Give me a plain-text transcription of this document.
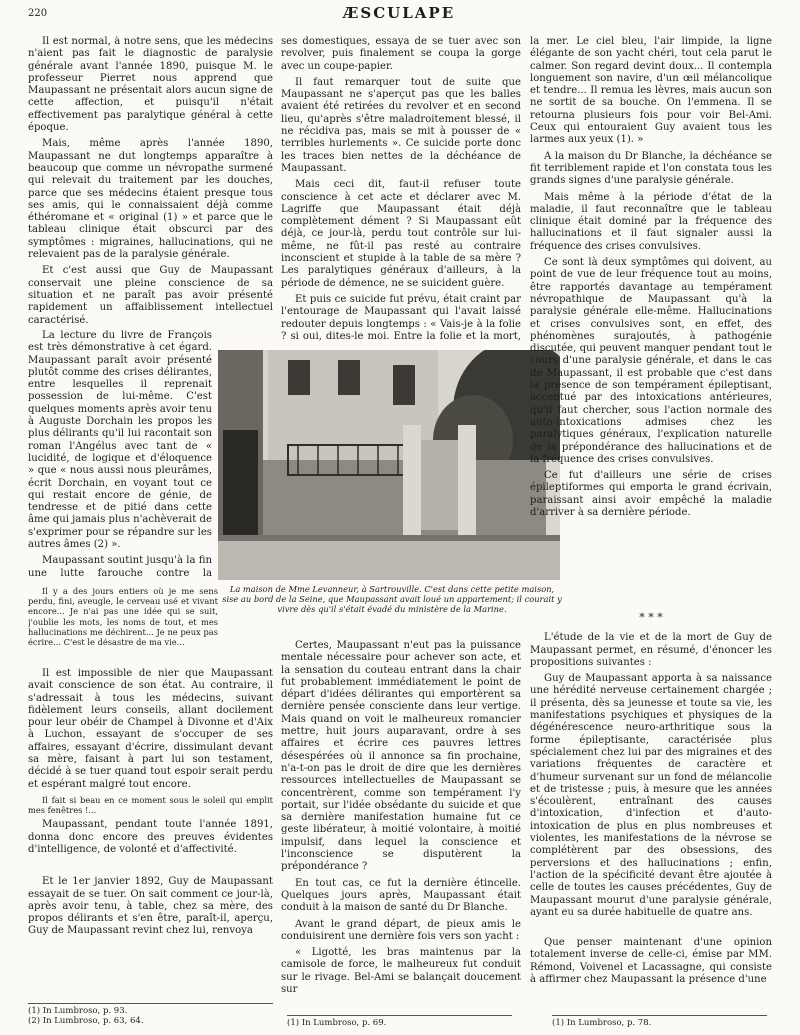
220	ÆSCULAPE

Il est normal, à notre sens, que les médecins n'aient pas fait le diagnostic de paralysie générale avant l'année 1890, puisque M. le professeur Pierret nous apprend que Maupassant ne présentait alors aucun signe de cette affection, et puisqu'il n'était effectivement pas paralytique général à cette époque.

Mais, même après l'année 1890, Maupassant ne dut longtemps apparaître à beaucoup que comme un névropathe surmené qui relevait du traitement par les douches, parce que ses médecins étaient presque tous ses amis, qui le connaissaient déjà comme éthéromane et « original (1) » et parce que le tableau clinique était obscurci par des symptômes : migraines, hallucinations, qui ne relevaient pas de la paralysie générale.

Et c'est aussi que Guy de Maupassant conservait une pleine conscience de sa situation et ne paraît pas avoir présenté rapidement un affaiblissement intellectuel caractérisé.

La lecture du livre de François est très démonstrative à cet égard. Maupassant paraît avoir présenté plutôt comme des crises délirantes, entre lesquelles il reprenait possession de lui-même. C'est quelques moments après avoir tenu à Auguste Dorchain les propos les plus délirants qu'il lui racontait son roman l'Angélus avec tant de « lucidité, de logique et d'éloquence » que « nous aussi nous pleurâmes, écrit Dorchain, en voyant tout ce qui restait encore de génie, de tendresse et de pitié dans cette âme qui jamais plus n'achèverait de s'exprimer pour se répandre sur les autres âmes (2) ».

Maupassant soutint jusqu'à la fin une lutte farouche contre la

Il y a des jours entiers où je me sens perdu, fini, aveugle, le cerveau usé et vivant encore... Je n'ai pas une idée qui se suit, j'oublie les mots, les noms de tout, et mes hallucinations me déchirent... Je ne peux pas écrire... C'est le désastre de ma vie...

Il est impossible de nier que Maupassant avait conscience de son état. Au contraire, il s'adressait à tous les médecins, suivant fidèlement leurs conseils, allant docilement pour leur obéir de Champel à Divonne et d'Aix à Luchon, essayant de s'occuper de ses affaires, essayant d'écrire, dissimulant devant sa mère, faisant à part lui son testament, décidé à se tuer quand tout espoir serait perdu et espérant malgré tout encore.

Il fait si beau en ce moment sous le soleil qui emplit mes fenêtres !...

Maupassant, pendant toute l'année 1891, donna donc encore des preuves évidentes d'intelligence, de volonté et d'affectivité.

Et le 1er janvier 1892, Guy de Maupassant essayait de se tuer. On sait comment ce jour-là, après avoir tenu, à table, chez sa mère, des propos délirants et s'en être, paraît-il, aperçu, Guy de Maupassant revint chez lui, renvoya

(1) In Lumbroso, p. 93.
(2) In Lumbroso, p. 63, 64.

ses domestiques, essaya de se tuer avec son revolver, puis finalement se coupa la gorge avec un coupe-papier.

Il faut remarquer tout de suite que Maupassant ne s'aperçut pas que les balles avaient été retirées du revolver et en second lieu, qu'après s'être maladroitement blessé, il ne récidiva pas, mais se mit à pousser de « terribles hurlements ». Ce suicide porte donc les traces bien nettes de la déchéance de Maupassant.

Mais ceci dit, faut-il refuser toute conscience à cet acte et déclarer avec M. Lagriffe que Maupassant était déjà complètement dément ? Si Maupassant eût déjà, ce jour-là, perdu tout contrôle sur lui-même, ne fût-il pas resté au contraire inconscient et stupide à la table de sa mère ? Les paralytiques généraux d'ailleurs, à la période de démence, ne se suicident guère.

Et puis ce suicide fut prévu, était craint par l'entourage de Maupassant qui l'avait laissé redouter depuis longtemps : « Vais-je à la folie ? si oui, dites-le moi. Entre la folie et la mort,

Certes, Maupassant n'eut pas la puissance mentale nécessaire pour achever son acte, et la sensation du couteau entrant dans la chair fut probablement immédiatement le point de départ d'idées délirantes qui emportèrent sa dernière pensée consciente dans leur vertige. Mais quand on voit le malheureux romancier mettre, huit jours auparavant, ordre à ses affaires et écrire ces pauvres lettres désespérées où il annonce sa fin prochaine, n'a-t-on pas le droit de dire que les dernières ressources intellectuelles de Maupassant se concentrèrent, comme son tempérament l'y portait, sur l'idée obsédante du suicide et que sa dernière manifestation humaine fut ce geste libérateur, à moitié volontaire, à moitié impulsif, dans lequel la conscience et l'inconscience se disputèrent la prépondérance ?

En tout cas, ce fut la dernière étincelle. Quelques jours après, Maupassant était conduit à la maison de santé du Dr Blanche.

Avant le grand départ, de pieux amis le conduisirent une dernière fois vers son yacht :

« Ligotté, les bras maintenus par la camisole de force, le malheureux fut conduit sur le rivage. Bel-Ami se balançait doucement sur

(1) In Lumbroso, p. 69.
La maison de Mme Levanneur, à Sartrouville. C'est dans cette petite maison, sise au bord de la Seine, que Maupassant avait loué un appartement; il courait y vivre dès qu'il s'était évadé du ministère de la Marine.

la mer. Le ciel bleu, l'air limpide, la ligne élégante de son yacht chéri, tout cela parut le calmer. Son regard devint doux... Il contempla longuement son navire, d'un œil mélancolique et tendre... Il remua les lèvres, mais aucun son ne sortit de sa bouche. On l'emmena. Il se retourna plusieurs fois pour voir Bel-Ami. Ceux qui entouraient Guy avaient tous les larmes aux yeux (1). »

A la maison du Dr Blanche, la déchéance se fit terriblement rapide et l'on constata tous les grands signes d'une paralysie générale.

Mais même à la période d'état de la maladie, il faut reconnaître que le tableau clinique était dominé par la fréquence des hallucinations et il faut signaler aussi la fréquence des crises convulsives.

Ce sont là deux symptômes qui doivent, au point de vue de leur fréquence tout au moins, être rapportés davantage au tempérament névropathique de Maupassant qu'à la paralysie générale elle-même. Hallucinations et crises convulsives sont, en effet, des phénomènes surajoutés, à pathogénie discutée, qui peuvent manquer pendant tout le cours d'une paralysie générale, et dans le cas de Maupassant, il est probable que c'est dans la présence de son tempérament épileptisant, accentué par des intoxications antérieures, qu'il faut chercher, sous l'action normale des auto-intoxications admises chez les paralytiques généraux, l'explication naturelle de la prépondérance des hallucinations et de la fréquence des crises convulsives.

Ce fut d'ailleurs une série de crises épileptiformes qui emporta le grand écrivain, paraissant ainsi avoir empêché la maladie d'arriver à sa dernière période.

* * *

L'étude de la vie et de la mort de Guy de Maupassant permet, en résumé, d'énoncer les propositions suivantes :

Guy de Maupassant apporta à sa naissance une hérédité nerveuse certainement chargée ; il présenta, dès sa jeunesse et toute sa vie, les manifestations psychiques et physiques de la dégénérescence neuro-arthritique sous la forme épileptisante, caractérisée plus spécialement chez lui par des migraines et des variations fréquentes de caractère et d'humeur survenant sur un fond de mélancolie et de tristesse ; puis, à mesure que les années s'écoulèrent, entraînant des causes d'intoxication, d'infection et d'auto-intoxication de plus en plus nombreuses et violentes, les manifestations de la névrose se complétèrent par des obsessions, des perversions et des hallucinations ; enfin, l'action de la spécificité devant être ajoutée à celle de toutes les causes précédentes, Guy de Maupassant mourut d'une paralysie générale, ayant eu sa durée habituelle de quatre ans.

Que penser maintenant d'une opinion totalement inverse de celle-ci, émise par MM. Rémond, Voivenel et Lacassagne, qui consiste à affirmer chez Maupassant la présence d'une

(1) In Lumbroso, p. 78.
